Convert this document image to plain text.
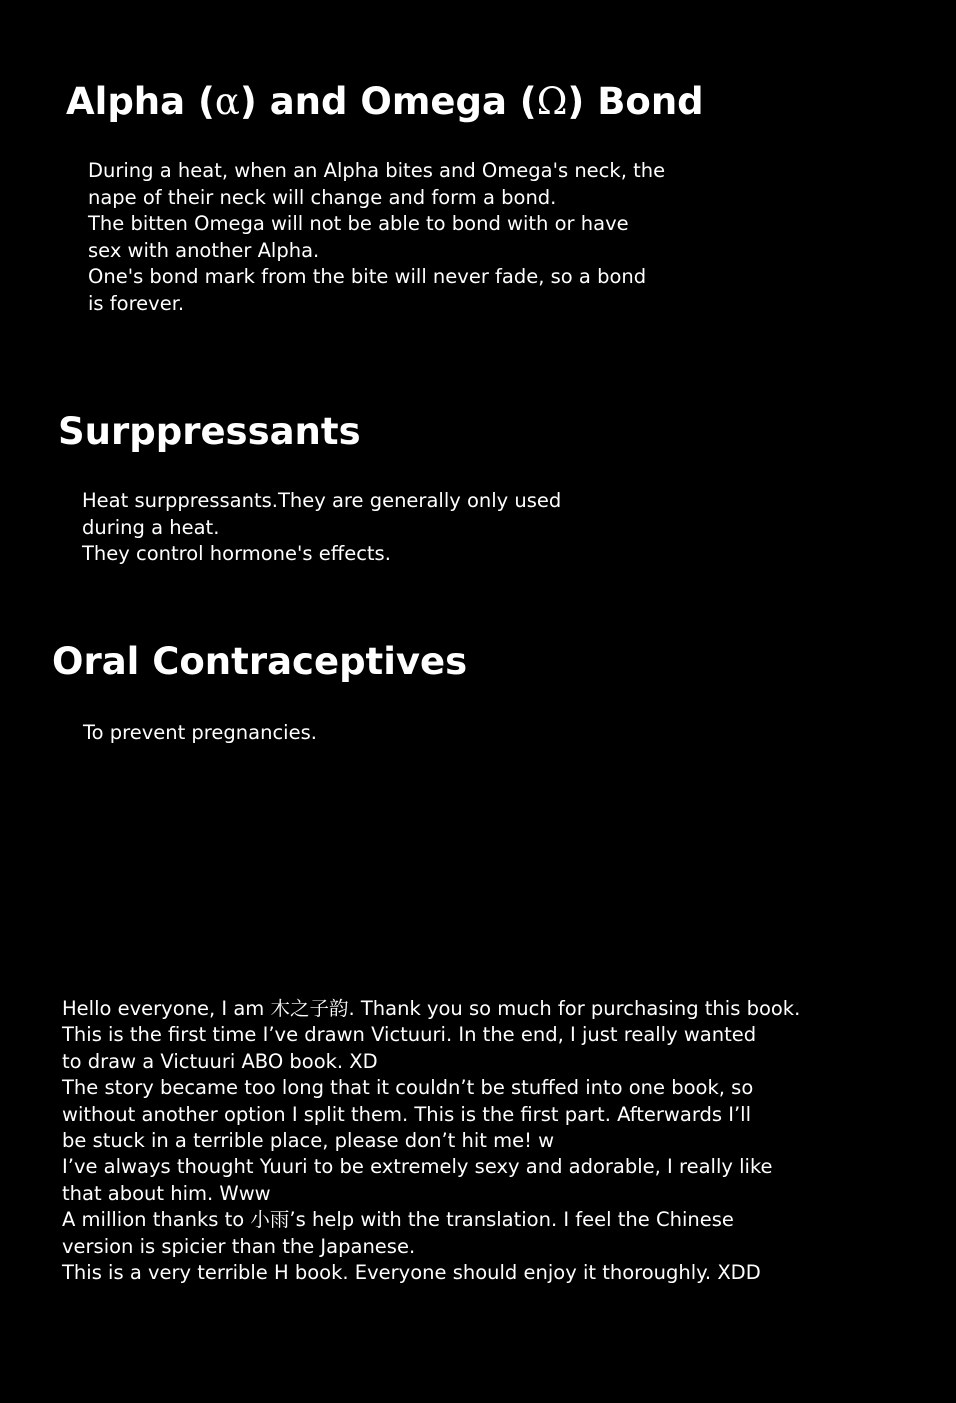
Alpha (α) and Omega (Ω) Bond
During a heat, when an Alpha bites and Omega's neck, the
nape of their neck will change and form a bond.
The bitten Omega will not be able to bond with or have
sex with another Alpha.
One's bond mark from the bite will never fade, so a bond
is forever.
Surppressants
Heat surppressants.They are generally only used
during a heat.
They control hormone's effects.
Oral Contraceptives
To prevent pregnancies.
Hello everyone, I am 木之子韵. Thank you so much for purchasing this book.
This is the first time I’ve drawn Victuuri. In the end, I just really wanted
to draw a Victuuri ABO book. XD
The story became too long that it couldn’t be stuffed into one book, so
without another option I split them. This is the first part. Afterwards I’ll
be stuck in a terrible place, please don’t hit me! w
I’ve always thought Yuuri to be extremely sexy and adorable, I really like
that about him. Www
A million thanks to 小雨’s help with the translation. I feel the Chinese
version is spicier than the Japanese.
This is a very terrible H book. Everyone should enjoy it thoroughly. XDD
